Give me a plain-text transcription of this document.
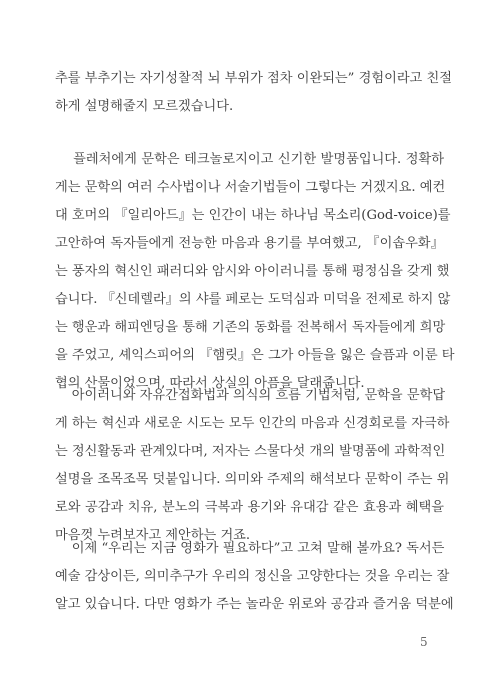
추를 부추기는 자기성찰적 뇌 부위가 점차 이완되는” 경험이라고 친절
하게 설명해줄지 모르겠습니다.
플레처에게 문학은 테크놀로지이고 신기한 발명품입니다. 정확하
게는 문학의 여러 수사법이나 서술기법들이 그렇다는 거겠지요. 예컨
대 호머의 『일리아드』는 인간이 내는 하나님 목소리(God-voice)를
고안하여 독자들에게 전능한 마음과 용기를 부여했고, 『이솝우화』
는 풍자의 혁신인 패러디와 암시와 아이러니를 통해 평정심을 갖게 했
습니다. 『신데렐라』의 샤를 페로는 도덕심과 미덕을 전제로 하지 않
는 행운과 해피엔딩을 통해 기존의 동화를 전복해서 독자들에게 희망
을 주었고, 셰익스피어의 『햄릿』은 그가 아들을 잃은 슬픔과 이룬 타
협의 산물이었으며, 따라서 상실의 아픔을 달래줍니다.
아이러니와 자유간접화법과 의식의 흐름 기법처럼, 문학을 문학답
게 하는 혁신과 새로운 시도는 모두 인간의 마음과 신경회로를 자극하
는 정신활동과 관계있다며, 저자는 스물다섯 개의 발명품에 과학적인
설명을 조목조목 덧붙입니다. 의미와 주제의 해석보다 문학이 주는 위
로와 공감과 치유, 분노의 극복과 용기와 유대감 같은 효용과 혜택을
마음껏 누려보자고 제안하는 거죠.
이제 “우리는 지금 영화가 필요하다”고 고쳐 말해 볼까요? 독서든
예술 감상이든, 의미추구가 우리의 정신을 고양한다는 것을 우리는 잘
알고 있습니다. 다만 영화가 주는 놀라운 위로와 공감과 즐거움 덕분에
5
